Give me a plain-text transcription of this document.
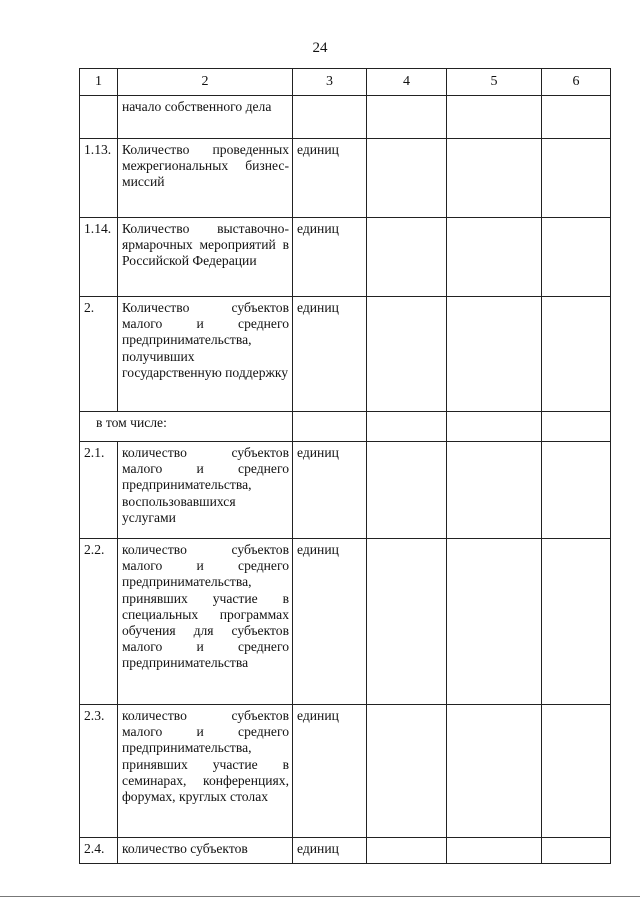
24
1	2	3	4	5	6
	начало собственного дела				
1.13.	Количество проведенных межрегиональных бизнес-миссий	единиц			
1.14.	Количество выставочно-ярмарочных мероприятий в Российской Федерации	единиц			
2.	Количество субъектов малого и среднего предпринимательства, получивших государственную поддержку	единиц			
в том числе:					
2.1.	количество субъектов малого и среднего предпринимательства, воспользовавшихся услугами	единиц			
2.2.	количество субъектов малого и среднего предпринимательства, принявших участие в специальных программах обучения для субъектов малого и среднего предпринимательства	единиц			
2.3.	количество субъектов малого и среднего предпринимательства, принявших участие в семинарах, конференциях, форумах, круглых столах	единиц			
2.4.	количество субъектов	единиц			
